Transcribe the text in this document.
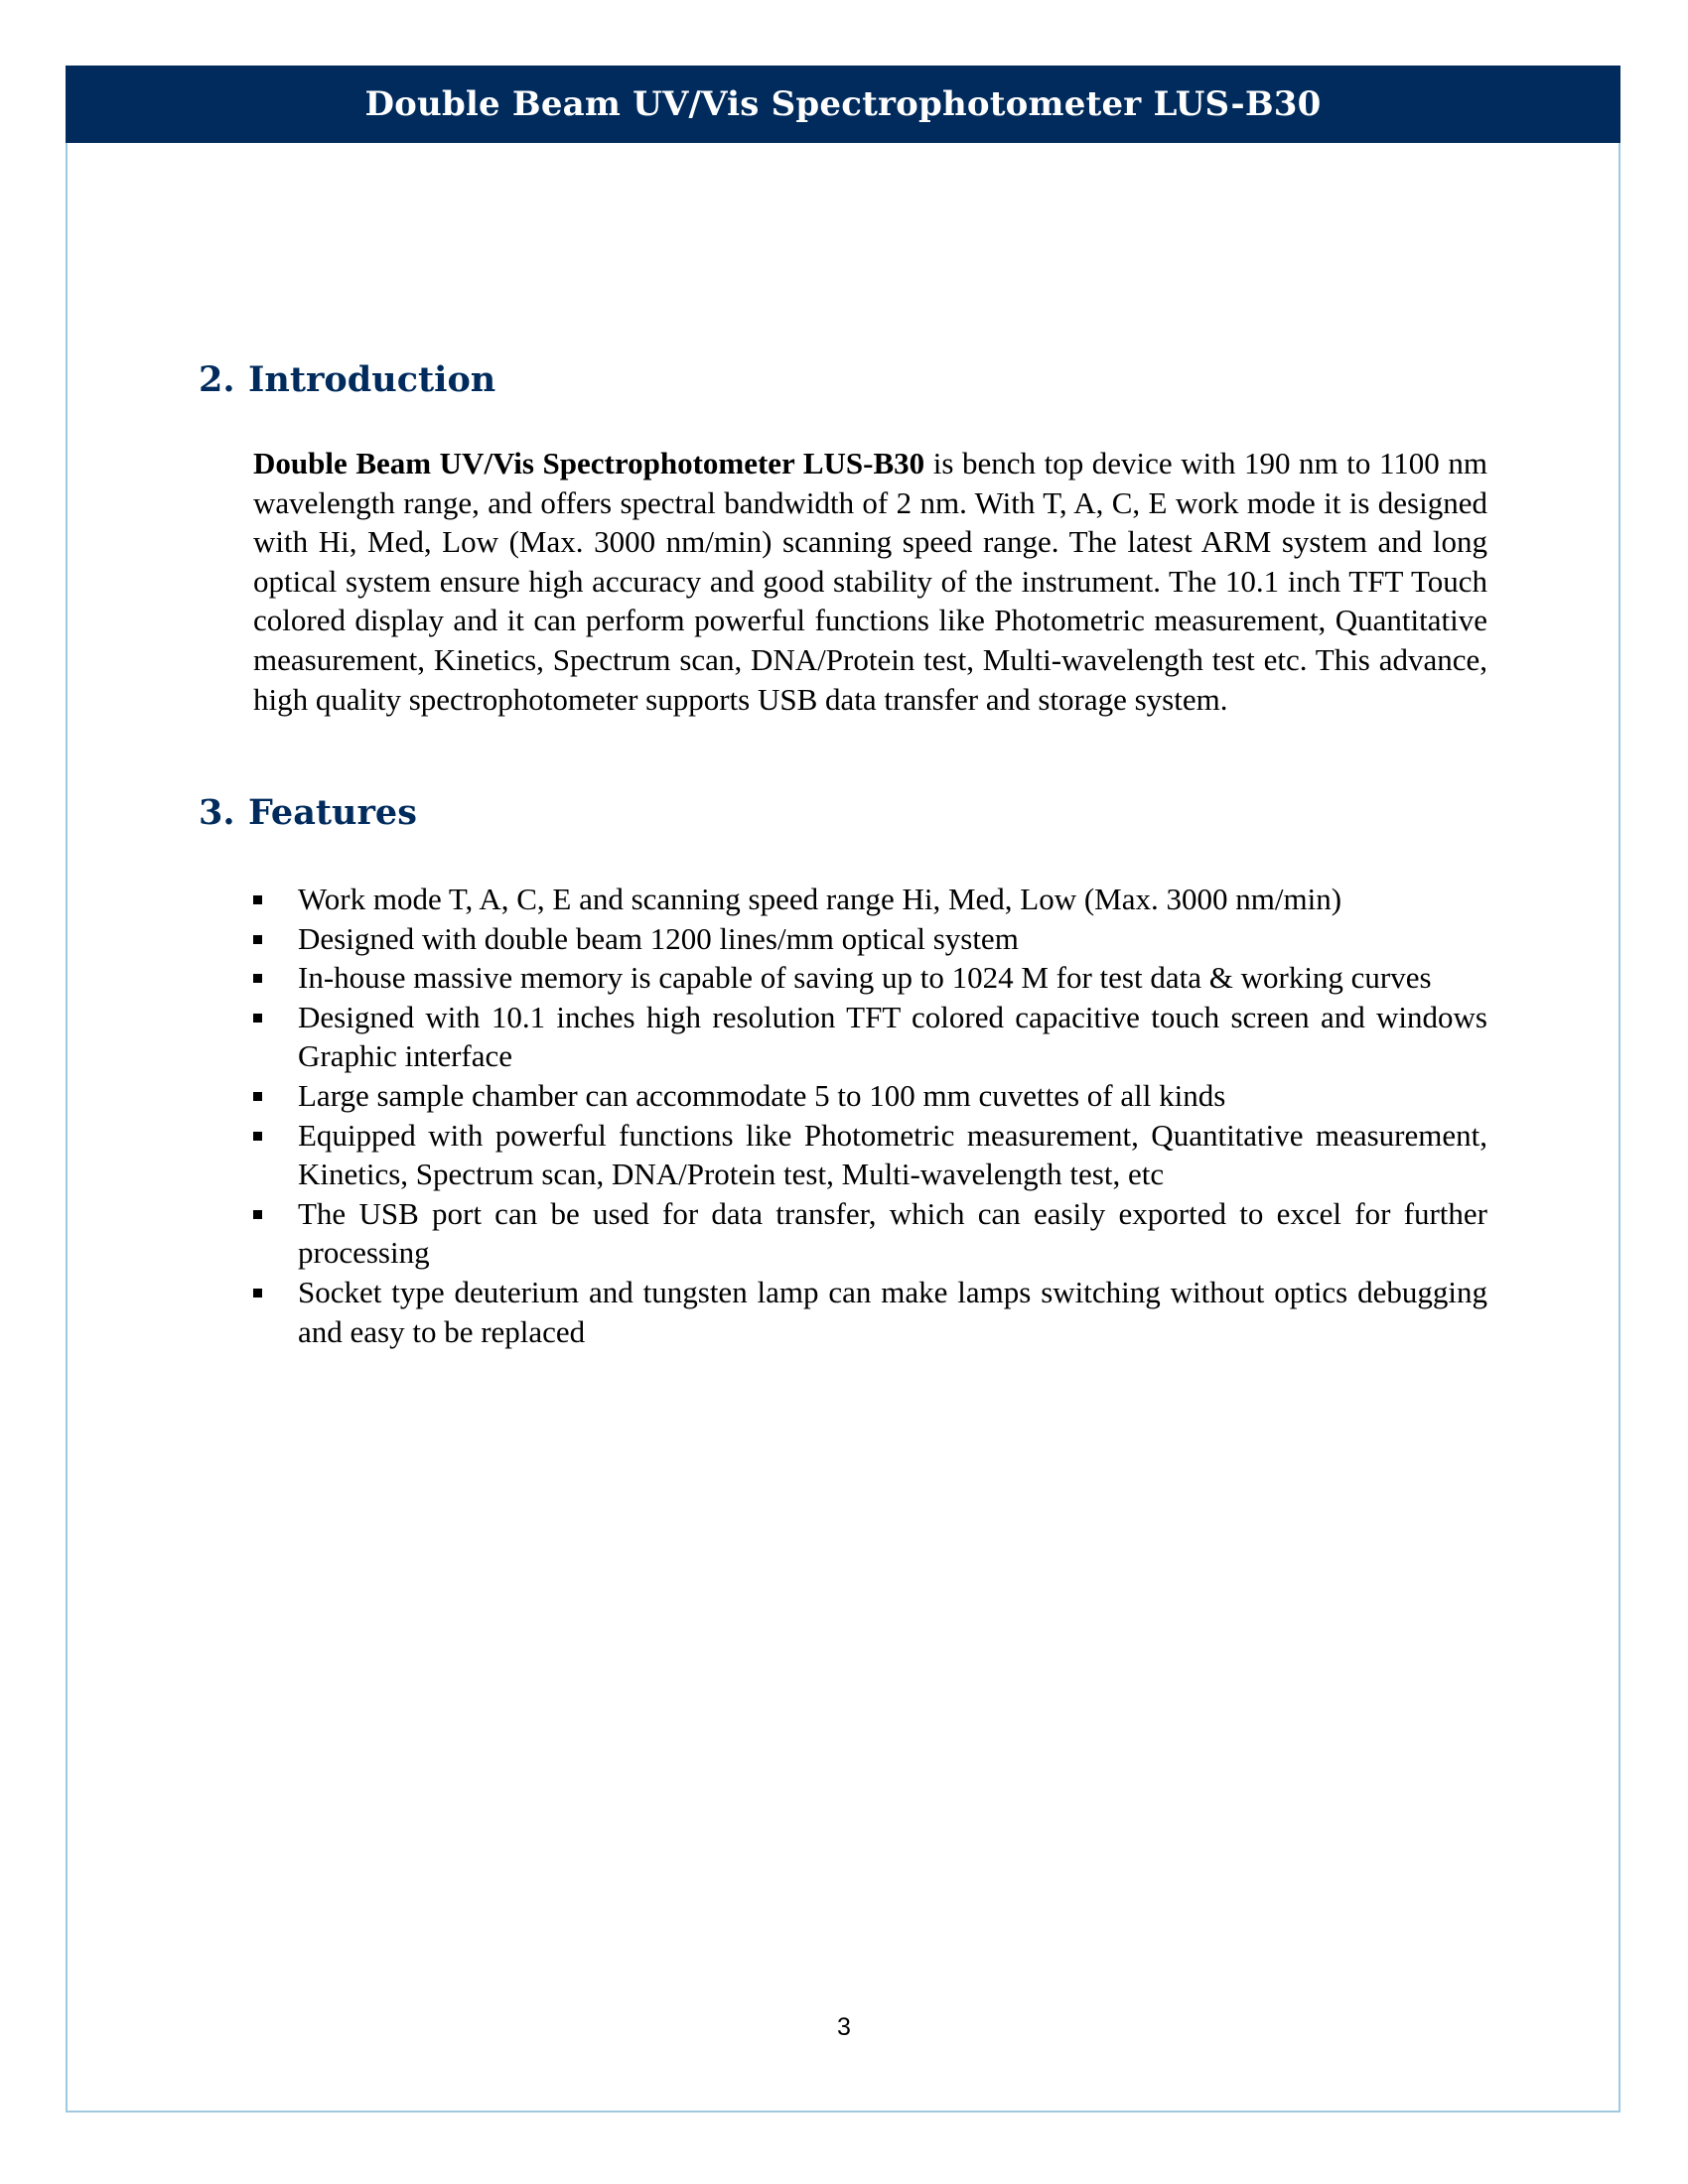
Double Beam UV/Vis Spectrophotometer LUS-B30
2. Introduction

Double Beam UV/Vis Spectrophotometer LUS-B30 is bench top device with 190 nm to 1100 nm wavelength range, and offers spectral bandwidth of 2 nm. With T, A, C, E work mode it is designed with Hi, Med, Low (Max. 3000 nm/min) scanning speed range. The latest ARM system and long optical system ensure high accuracy and good stability of the instrument. The 10.1 inch TFT Touch colored display and it can perform powerful functions like Photometric measurement, Quantitative measurement, Kinetics, Spectrum scan, DNA/Protein test, Multi-wavelength test etc. This advance, high quality spectrophotometer supports USB data transfer and storage system.

3. Features
Work mode T, A, C, E and scanning speed range Hi, Med, Low (Max. 3000 nm/min)
Designed with double beam 1200 lines/mm optical system
In-house massive memory is capable of saving up to 1024 M for test data & working curves
Designed with 10.1 inches high resolution TFT colored capacitive touch screen and windows Graphic interface
Large sample chamber can accommodate 5 to 100 mm cuvettes of all kinds
Equipped with powerful functions like Photometric measurement, Quantitative measurement, Kinetics, Spectrum scan, DNA/Protein test, Multi-wavelength test, etc
The USB port can be used for data transfer, which can easily exported to excel for further processing
Socket type deuterium and tungsten lamp can make lamps switching without optics debugging and easy to be replaced
3
